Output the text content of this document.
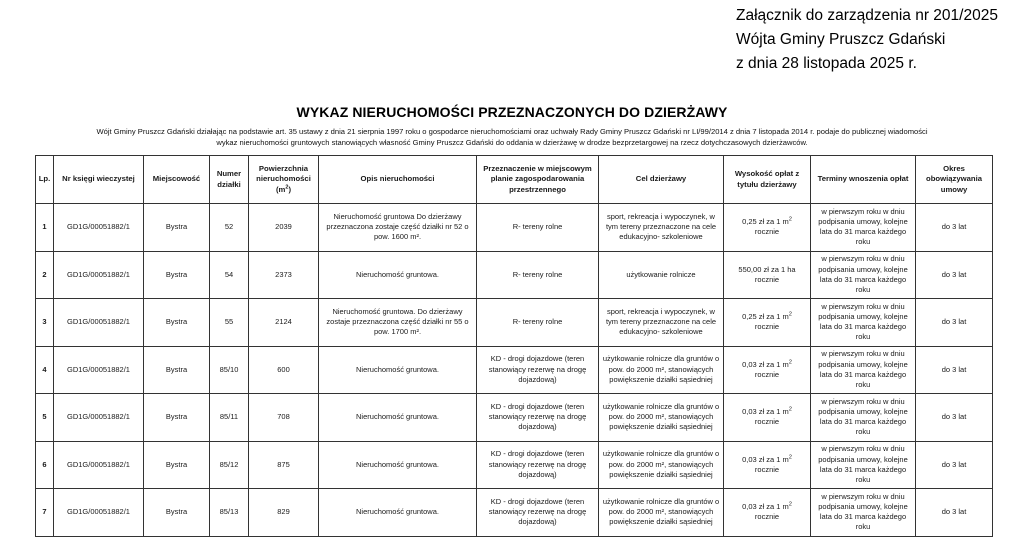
Załącznik do zarządzenia nr 201/2025
Wójta Gminy Pruszcz Gdański
z dnia 28 listopada 2025 r.
WYKAZ NIERUCHOMOŚCI PRZEZNACZONYCH DO DZIERŻAWY
Wójt Gminy Pruszcz Gdański działając na podstawie art. 35 ustawy z dnia 21 sierpnia 1997 roku o gospodarce nieruchomościami oraz uchwały Rady Gminy Pruszcz Gdański nr LI/99/2014 z dnia 7 listopada 2014 r. podaje do publicznej wiadomości
wykaz nieruchomości gruntowych stanowiących własność Gminy Pruszcz Gdański do oddania w dzierżawę w drodze bezprzetargowej na rzecz dotychczasowych dzierżawców.
Lp.	Nr księgi wieczystej	Miejscowość	Numer działki	Powierzchnia nieruchomości
$(m^2)$	Opis nieruchomości	Przeznaczenie w miejscowym planie zagospodarowania przestrzennego	Cel dzierżawy	Wysokość opłat z tytułu dzierżawy	Terminy wnoszenia opłat	Okres obowiązywania umowy
1	GD1G/00051882/1	Bystra	52	2039	Nieruchomość gruntowa Do dzierżawy przeznaczona zostaje część działki nr 52 o pow. 1600 m².	R- tereny rolne	sport, rekreacja i wypoczynek, w tym tereny przeznaczone na cele edukacyjno- szkoleniowe	0,25 zł za 1 $m^2$
rocznie	w pierwszym roku w dniu podpisania umowy, kolejne lata do 31 marca każdego roku	do 3 lat
2	GD1G/00051882/1	Bystra	54	2373	Nieruchomość gruntowa.	R- tereny rolne	użytkowanie rolnicze	550,00 zł za 1 ha
rocznie	w pierwszym roku w dniu podpisania umowy, kolejne lata do 31 marca każdego roku	do 3 lat
3	GD1G/00051882/1	Bystra	55	2124	Nieruchomość gruntowa. Do dzierżawy zostaje przeznaczona część działki nr 55 o pow. 1700 m².	R- tereny rolne	sport, rekreacja i wypoczynek, w tym tereny przeznaczone na cele edukacyjno- szkoleniowe	0,25 zł za 1 $m^2$
rocznie	w pierwszym roku w dniu podpisania umowy, kolejne lata do 31 marca każdego roku	do 3 lat
4	GD1G/00051882/1	Bystra	85/10	600	Nieruchomość gruntowa.	KD - drogi dojazdowe (teren stanowiący rezerwę na drogę dojazdową)	użytkowanie rolnicze dla gruntów o pow. do 2000 m², stanowiących powiększenie działki sąsiedniej	0,03 zł za 1 $m^2$
rocznie	w pierwszym roku w dniu podpisania umowy, kolejne lata do 31 marca każdego roku	do 3 lat
5	GD1G/00051882/1	Bystra	85/11	708	Nieruchomość gruntowa.	KD - drogi dojazdowe (teren stanowiący rezerwę na drogę dojazdową)	użytkowanie rolnicze dla gruntów o pow. do 2000 m², stanowiących powiększenie działki sąsiedniej	0,03 zł za 1 $m^2$
rocznie	w pierwszym roku w dniu podpisania umowy, kolejne lata do 31 marca każdego roku	do 3 lat
6	GD1G/00051882/1	Bystra	85/12	875	Nieruchomość gruntowa.	KD - drogi dojazdowe (teren stanowiący rezerwę na drogę dojazdową)	użytkowanie rolnicze dla gruntów o pow. do 2000 m², stanowiących powiększenie działki sąsiedniej	0,03 zł za 1 $m^2$
rocznie	w pierwszym roku w dniu podpisania umowy, kolejne lata do 31 marca każdego roku	do 3 lat
7	GD1G/00051882/1	Bystra	85/13	829	Nieruchomość gruntowa.	KD - drogi dojazdowe (teren stanowiący rezerwę na drogę dojazdową)	użytkowanie rolnicze dla gruntów o pow. do 2000 m², stanowiących powiększenie działki sąsiedniej	0,03 zł za 1 $m^2$
rocznie	w pierwszym roku w dniu podpisania umowy, kolejne lata do 31 marca każdego roku	do 3 lat
